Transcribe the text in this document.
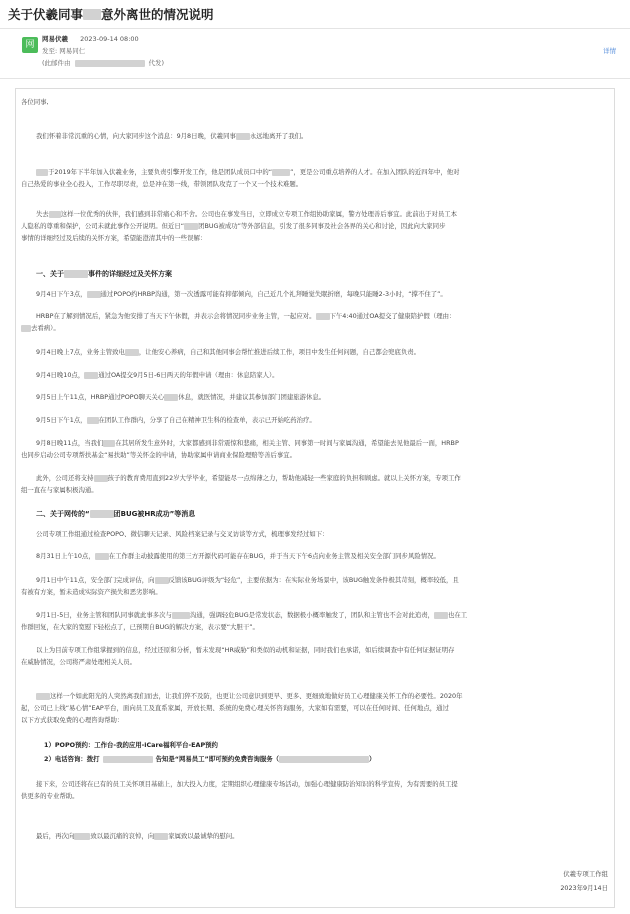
关于伏羲同事 意外离世的情况说明
网
网易伏羲 2023-09-14 08:00
发至: 网易同仁
(此邮件由	代发)
详情
各位同事,
我们怀着非常沉重的心情，向大家同步这个消息：9月8日晚，伏羲同事 永远地离开了我们。
于2019年下半年加入伏羲业务，主要负责引擎开发工作，他是团队成员口中的“	”，更是公司重点培养的人才。在加入团队的近四年中，他对
自己热爱的事业全心投入，工作尽职尽责，总是冲在第一线，带领团队攻克了一个又一个技术难题。
失去 这样一位优秀的伙伴，我们感到非常痛心和不舍。公司也在事发当日，立即成立专项工作组协助家属，警方处理善后事宜。此前出于对员工本
人隐私的尊重和保护，公司未就此事作公开说明。但近日“ 团BUG被成功”等外部信息，引发了很多同事及社会各界的关心和讨论，因此向大家同步
事情的详细经过及后续的关怀方案，希望能澄清其中的一些误解：
一、关于	事件的详细经过及关怀方案
9月4日下午3点， 通过POPO约HRBP沟通，第一次透露可能有抑郁倾向，自己近几个礼拜睡觉失眠折磨，每晚只能睡2-3小时，“撑不住了”。
HRBP在了解到情况后，紧急为他安排了当天下午休假，并表示会将情况同步业务主管，一起应对。 下午4:40通过OA提交了健康陪护假（理由：
去看病）。
9月4日晚上7点，业务主管致电 ，让他安心养病，自己和其他同事会帮忙推进后续工作，项目中发生任何问题，自己都会兜底负责。
9月4日晚10点， 通过OA提交9月5日-6日两天的年假申请（理由：休息陪家人）。
9月5日上午11点，HRBP通过POPO聊天关心 休息，就医情况，并建议其参加部门团建旅游休息。
9月5日下午1点， 在团队工作群内，分享了自己在精神卫生科的检查单，表示已开始吃药治疗。
9月8日晚11点，当我们 在其居所发生意外时，大家都感到非常震惊和悲痛，相关主管、同事第一时间与家属沟通，希望能去见他最后一面，HRBP
也同步启动公司专项帮扶基金“易扶助”等关怀金的申请，协助家属申请商业保险理赔等善后事宜。
此外，公司还将支持 孩子的教育费用直到22岁大学毕业，希望能尽一点绵薄之力，帮助他减轻一些家庭的负担和顾虑。就以上关怀方案，专项工作
组一直在与家属积极沟通。
二、关于网传的“	团BUG被HR成功”等消息
公司专项工作组通过检查POPO、微信聊天记录、风险档案记录与交叉访谈等方式，梳理事发经过如下：
8月31日上午10点， 在工作群主动披露使用的第三方开源代码可能存在BUG，并于当天下午6点向业务主管及相关安全部门同步风险情况。
9月1日中午11点，安全部门完成评估，向 反馈该BUG评级为“轻危”，主要依据为：在实际业务场景中，该BUG触发条件极其苛刻，概率较低，且
有被有方案，暂未造成实际资产损失和恶劣影响。
9月1日-5日，业务主管和团队同事就此事多次与	沟通，强调轻危BUG是常发状态，数据极小概率触发了，团队和主管也不会对此追责， 也在工
作群回复，在大家的宽慰下轻松点了，已预期自BUG的解决方案，表示要“大胆干”。
以上为目前专项工作组掌握到的信息，经过还原和分析，暂未发现“HR威胁”和类似的动机和证据，同时我们也承诺，如后续调查中有任何证据证明存
在威胁情况，公司将严肃处理相关人员。
这样一个如此阳光的人突然离我们而去，让我们猝不及防，也更让公司意识到更早、更多、更细致地做好员工心理健康关怀工作的必要性。2020年
起，公司已上线“易心情”EAP平台，面向员工及直系家属，开放长期、系统的免费心理关怀咨询服务，大家如有需要，可以在任何时间、任何地点，通过
以下方式获取免费的心理咨询帮助：
1）POPO预约：工作台-我的应用-iCare福利平台-EAP预约
2）电话咨询：拨打	告知是“网易员工”即可预约免费咨询服务（	）
接下来，公司还将在已有的员工关怀项目基础上，加大投入力度，定期组织心理健康专场活动，加强心理健康防治知识的科学宣传，为有需要的员工提
供更多的专业帮助。
最后，再次向	致以最沉痛的哀悼，向 家属致以最诚挚的慰问。
伏羲专项工作组
2023年9月14日
